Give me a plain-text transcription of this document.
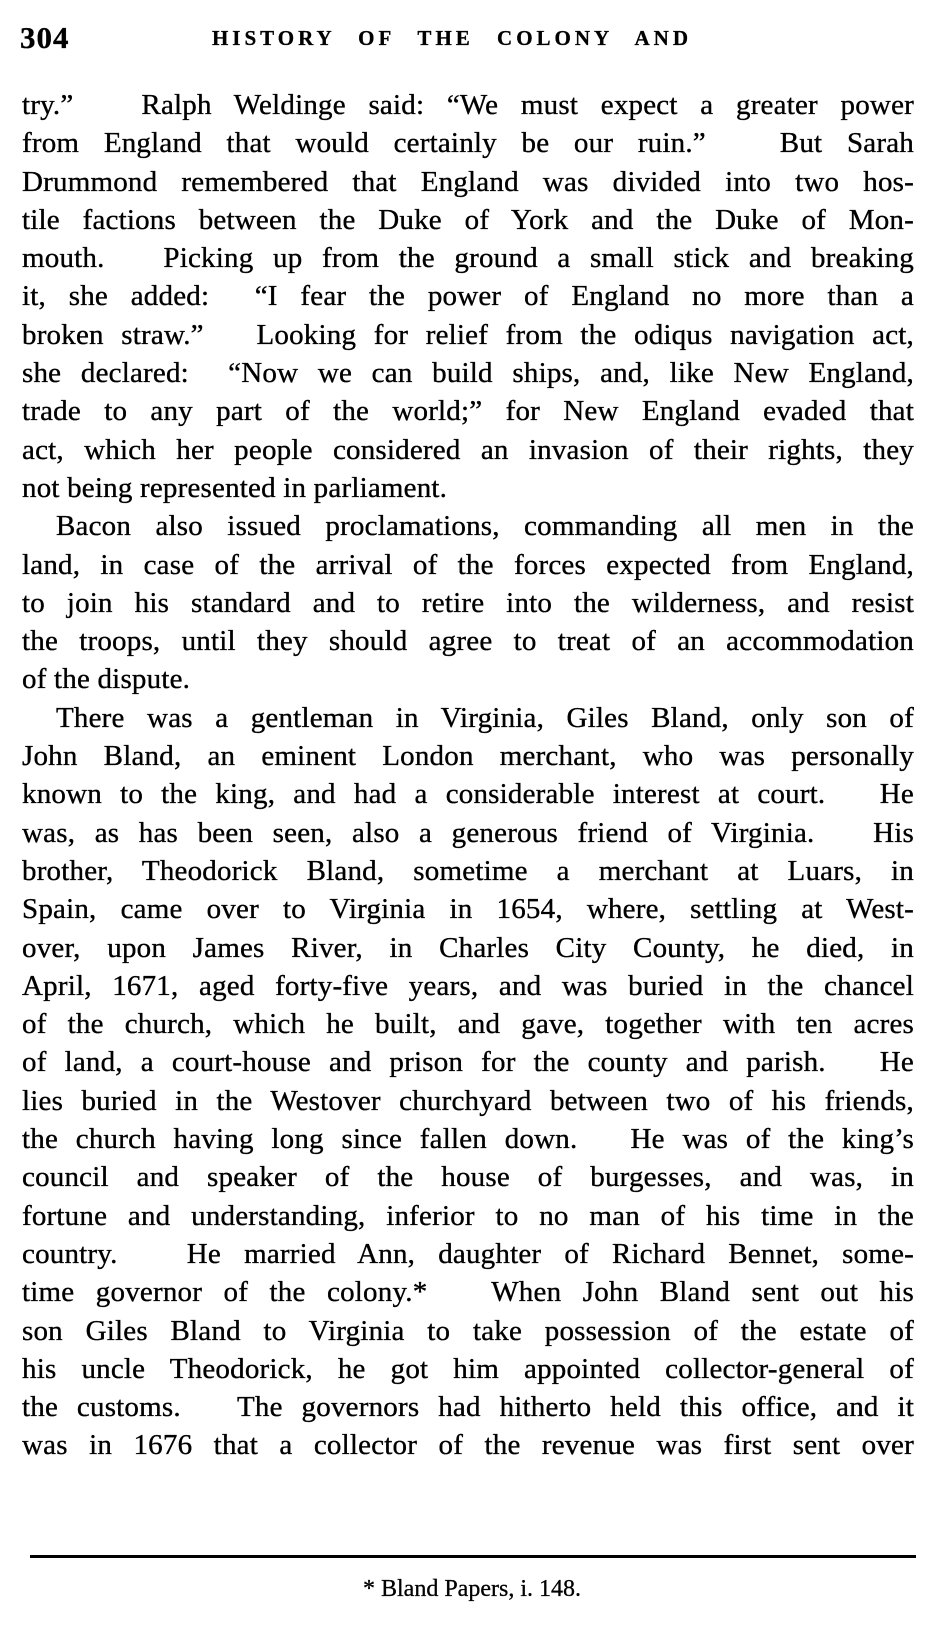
304	HISTORY OF THE COLONY AND
try.”   Ralph Weldinge said: “We must expect a greater power
from England that would certainly be our ruin.”   But Sarah
Drummond remembered that England was divided into two hos-
tile factions between the Duke of York and the Duke of Mon-
mouth.   Picking up from the ground a small stick and breaking
it, she added:  “I fear the power of England no more than a
broken straw.”   Looking for relief from the odiqus navigation act,
she declared:  “Now we can build ships, and, like New England,
trade to any part of the world;” for New England evaded that
act, which her people considered an invasion of their rights, they
not being represented in parliament.
Bacon also issued proclamations, commanding all men in the
land, in case of the arrival of the forces expected from England,
to join his standard and to retire into the wilderness, and resist
the troops, until they should agree to treat of an accommodation
of the dispute.
There was a gentleman in Virginia, Giles Bland, only son of
John Bland, an eminent London merchant, who was personally
known to the king, and had a considerable interest at court.   He
was, as has been seen, also a generous friend of Virginia.   His
brother, Theodorick Bland, sometime a merchant at Luars, in
Spain, came over to Virginia in 1654, where, settling at West-
over, upon James River, in Charles City County, he died, in
April, 1671, aged forty-five years, and was buried in the chancel
of the church, which he built, and gave, together with ten acres
of land, a court-house and prison for the county and parish.   He
lies buried in the Westover churchyard between two of his friends,
the church having long since fallen down.   He was of the king’s
council and speaker of the house of burgesses, and was, in
fortune and understanding, inferior to no man of his time in the
country.   He married Ann, daughter of Richard Bennet, some-
time governor of the colony.*   When John Bland sent out his
son Giles Bland to Virginia to take possession of the estate of
his uncle Theodorick, he got him appointed collector-general of
the customs.   The governors had hitherto held this office, and it
was in 1676 that a collector of the revenue was first sent over
* Bland Papers, i. 148.
